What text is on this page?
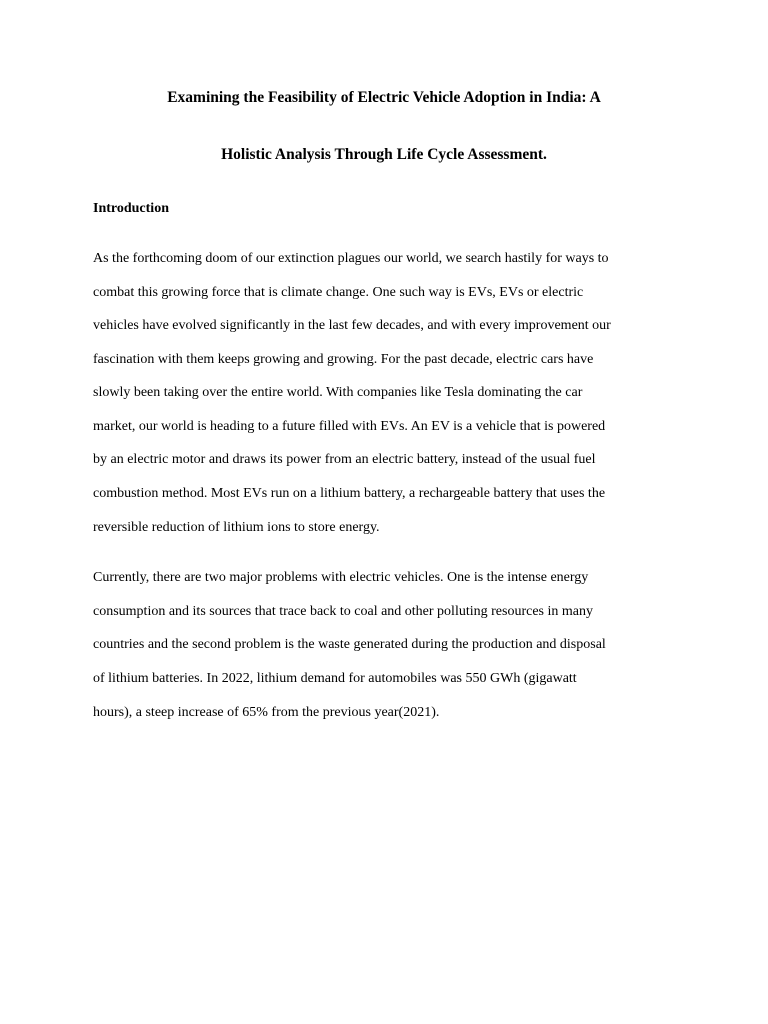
Examining the Feasibility of Electric Vehicle Adoption in India: A
Holistic Analysis Through Life Cycle Assessment.
Introduction

As the forthcoming doom of our extinction plagues our world, we search hastily for ways to

combat this growing force that is climate change. One such way is EVs, EVs or electric

vehicles have evolved significantly in the last few decades, and with every improvement our

fascination with them keeps growing and growing. For the past decade, electric cars have

slowly been taking over the entire world. With companies like Tesla dominating the car

market, our world is heading to a future filled with EVs. An EV is a vehicle that is powered

by an electric motor and draws its power from an electric battery, instead of the usual fuel

combustion method. Most EVs run on a lithium battery, a rechargeable battery that uses the

reversible reduction of lithium ions to store energy.

Currently, there are two major problems with electric vehicles. One is the intense energy

consumption and its sources that trace back to coal and other polluting resources in many

countries and the second problem is the waste generated during the production and disposal

of lithium batteries. In 2022, lithium demand for automobiles was 550 GWh (gigawatt

hours), a steep increase of 65% from the previous year(2021).
